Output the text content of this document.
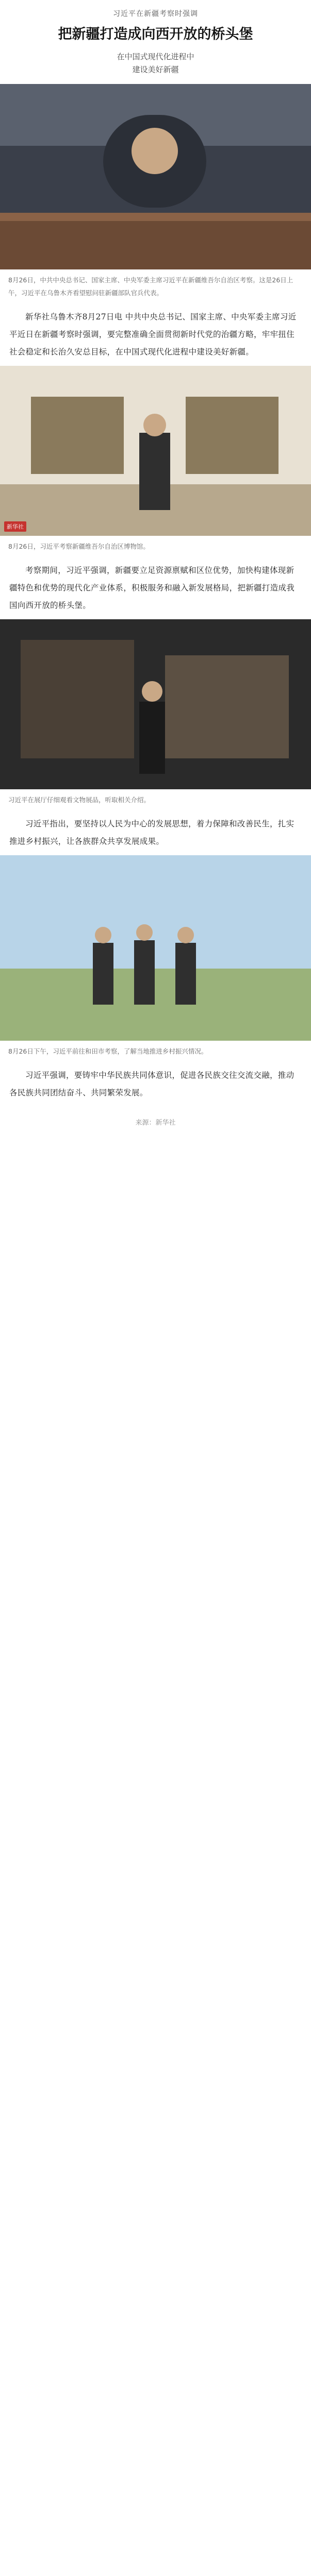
习近平在新疆考察时强调
把新疆打造成向西开放的桥头堡
在中国式现代化进程中
建设美好新疆
8月26日，中共中央总书记、国家主席、中央军委主席习近平在新疆维吾尔自治区考察。这是26日上午，习近平在乌鲁木齐看望慰问驻新疆部队官兵代表。

新华社乌鲁木齐8月27日电 中共中央总书记、国家主席、中央军委主席习近平近日在新疆考察时强调，要完整准确全面贯彻新时代党的治疆方略，牢牢扭住社会稳定和长治久安总目标，在中国式现代化进程中建设美好新疆。

新华社
8月26日，习近平考察新疆维吾尔自治区博物馆。

考察期间，习近平强调，新疆要立足资源禀赋和区位优势，加快构建体现新疆特色和优势的现代化产业体系，积极服务和融入新发展格局，把新疆打造成我国向西开放的桥头堡。

习近平在展厅仔细观看文物展品，听取相关介绍。

习近平指出，要坚持以人民为中心的发展思想，着力保障和改善民生，扎实推进乡村振兴，让各族群众共享发展成果。

8月26日下午，习近平前往和田市考察，了解当地推进乡村振兴情况。

习近平强调，要铸牢中华民族共同体意识，促进各民族交往交流交融，推动各民族共同团结奋斗、共同繁荣发展。

来源：新华社
